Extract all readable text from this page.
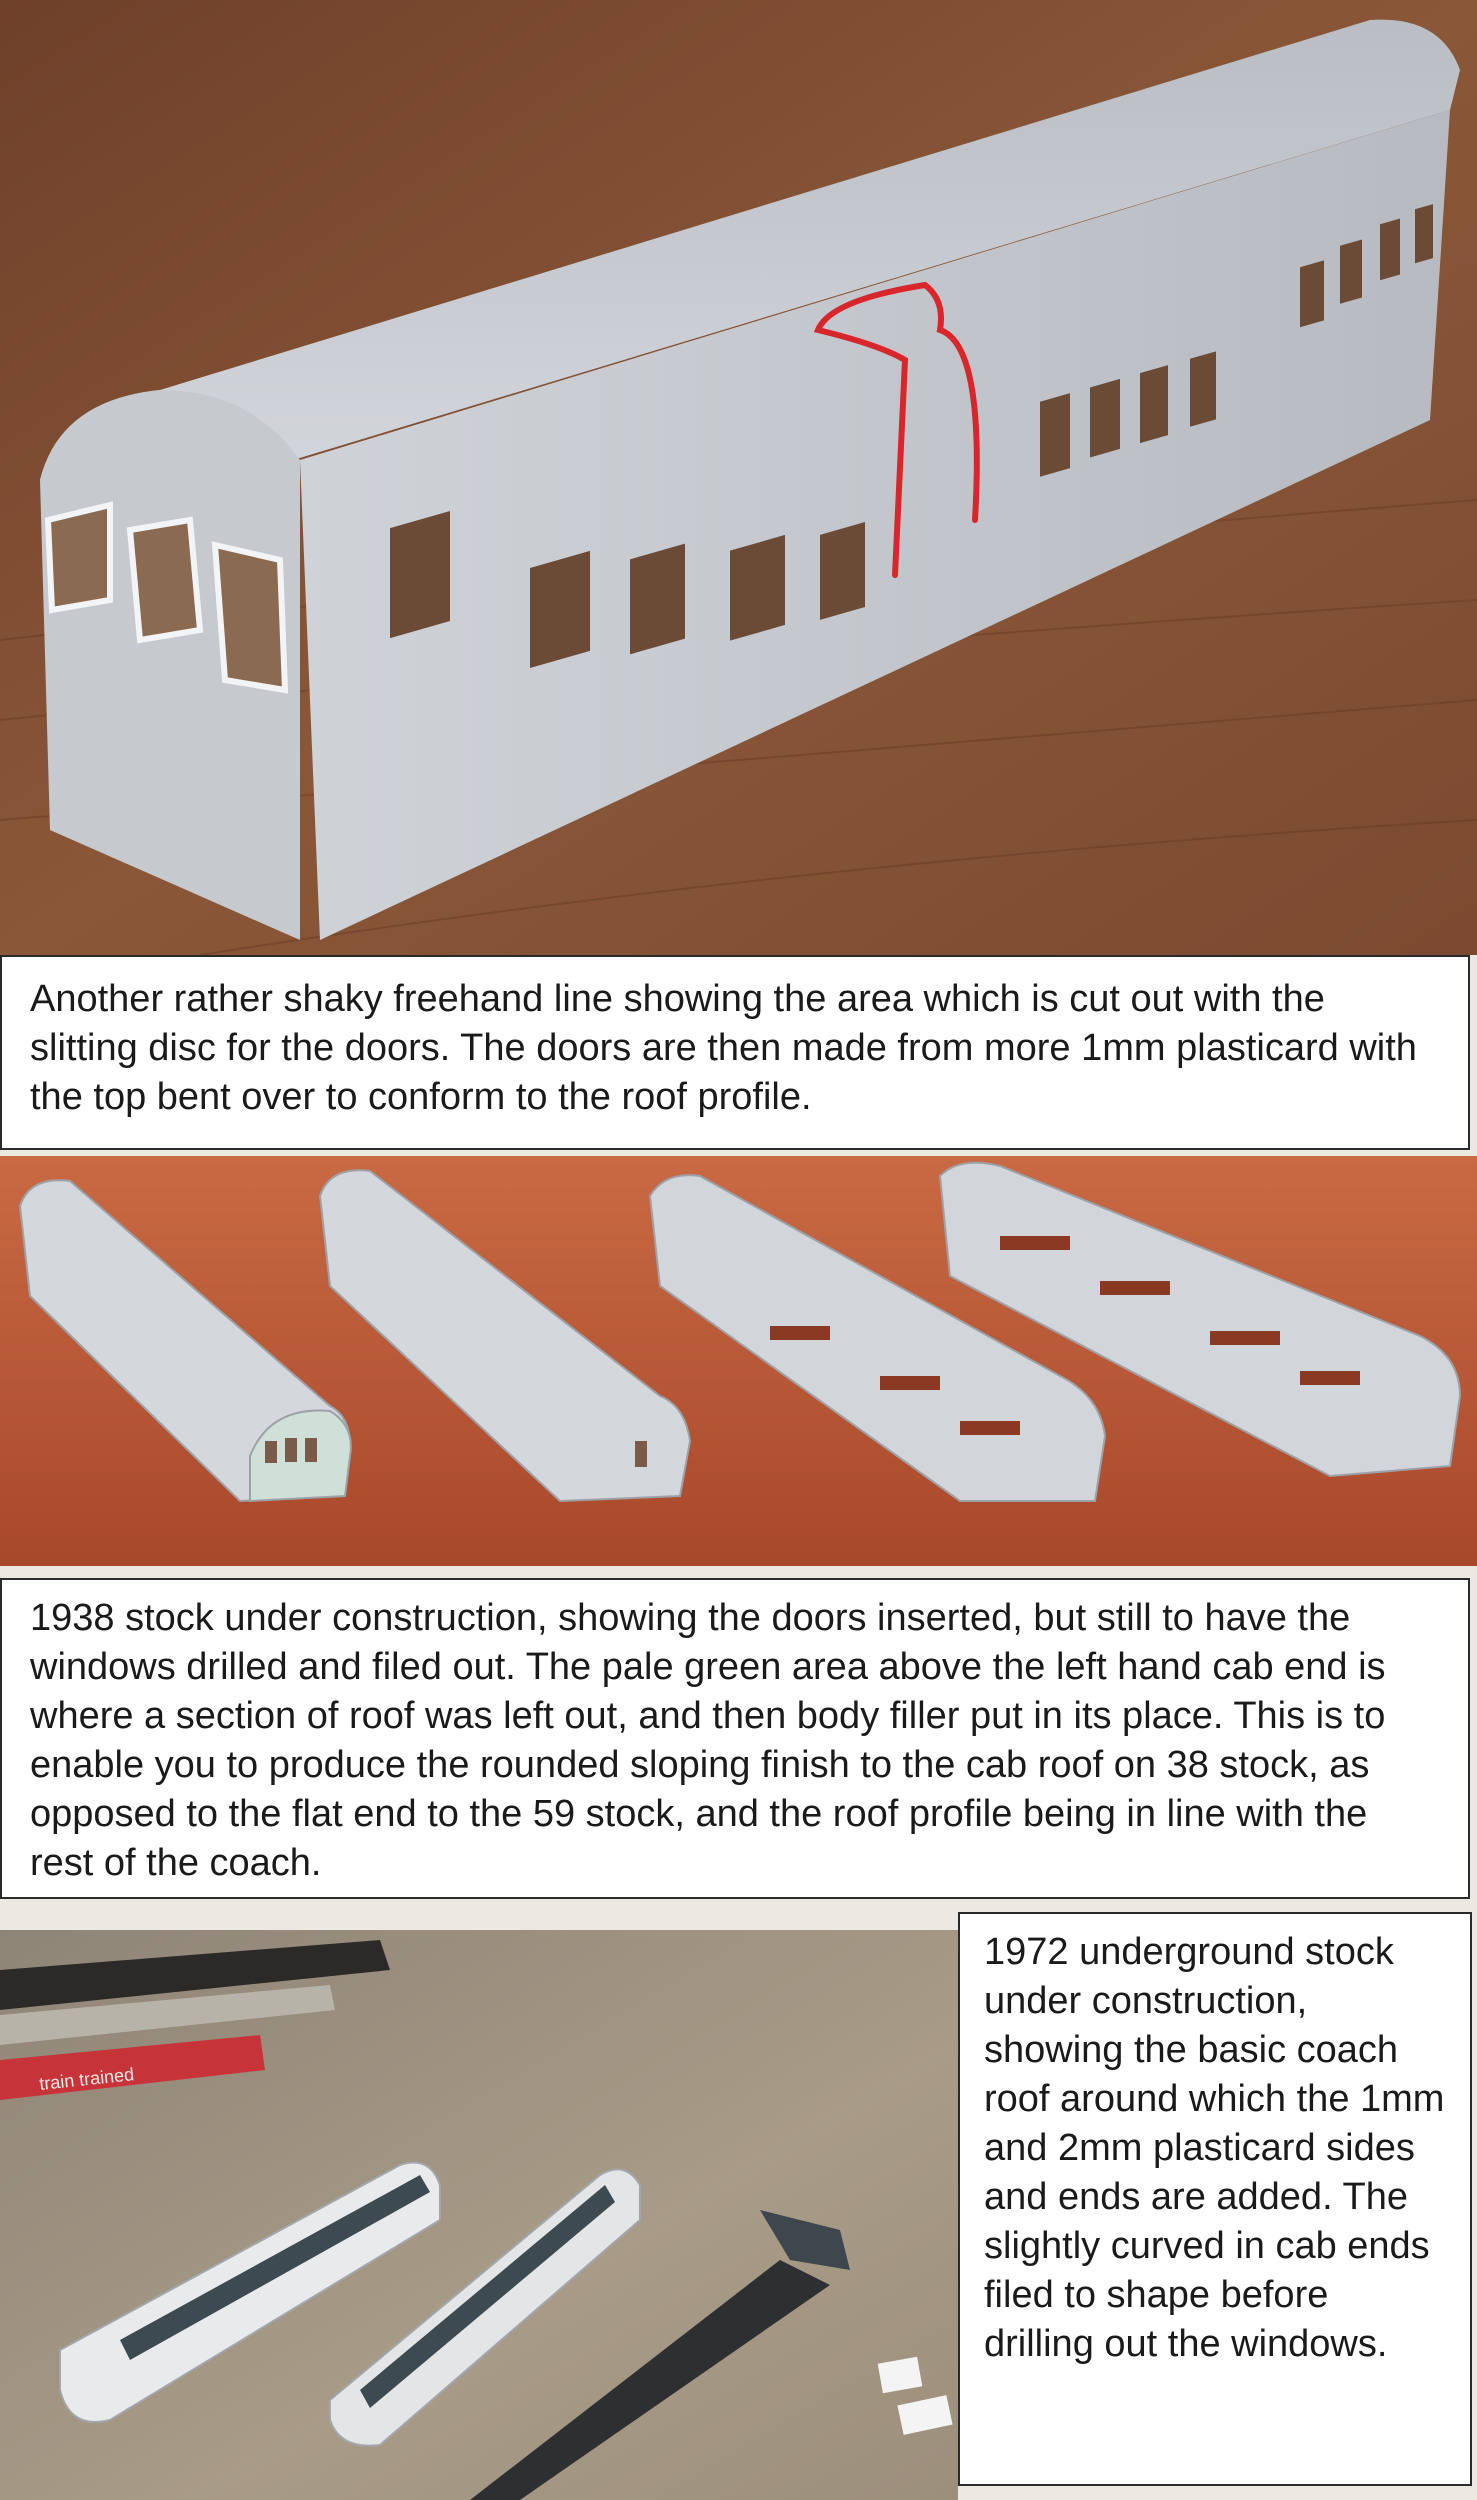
Another rather shaky freehand line showing the area which is cut out with the slitting disc for the doors. The doors are then made from more 1mm plasticard with the top bent over to conform to the roof profile.
1938 stock under construction, showing the doors inserted, but still to have the windows drilled and filed out. The pale green area above the left hand cab end is where a section of roof was left out, and then body filler put in its place. This is to enable you to produce the rounded sloping finish to the cab roof on 38 stock, as opposed to the flat end to the 59 stock, and the roof profile being in line with the rest of the coach.
train trained
1972 underground stock under construction, showing the basic coach roof around which the 1mm and 2mm plasticard sides and ends are added. The slightly curved in cab ends filed to shape before drilling out the windows.
